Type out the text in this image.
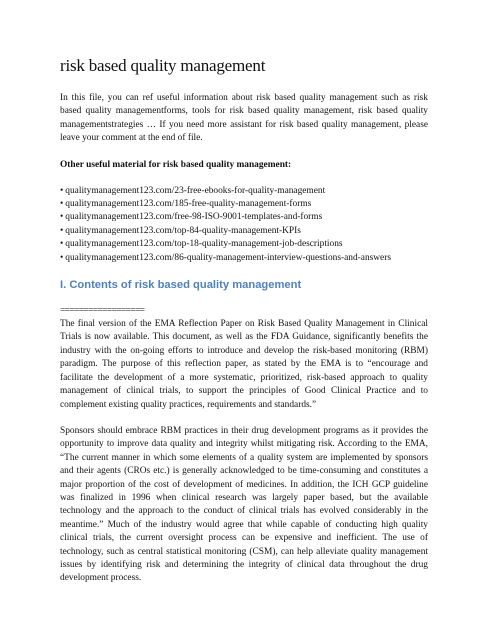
risk based quality management

In this file, you can ref useful information about risk based quality management such as risk based quality managementforms, tools for risk based quality management, risk based quality managementstrategies … If you need more assistant for risk based quality management, please leave your comment at the end of file.

Other useful material for risk based quality management:

• qualitymanagement123.com/23-free-ebooks-for-quality-management
• qualitymanagement123.com/185-free-quality-management-forms
• qualitymanagement123.com/free-98-ISO-9001-templates-and-forms
• qualitymanagement123.com/top-84-quality-management-KPIs
• qualitymanagement123.com/top-18-quality-management-job-descriptions
• qualitymanagement123.com/86-quality-management-interview-questions-and-answers
I. Contents of risk based quality management
==================

The final version of the EMA Reflection Paper on Risk Based Quality Management in Clinical Trials is now available. This document, as well as the FDA Guidance, significantly benefits the industry with the on-going efforts to introduce and develop the risk-based monitoring (RBM) paradigm. The purpose of this reflection paper, as stated by the EMA is to “encourage and facilitate the development of a more systematic, prioritized, risk-based approach to quality management of clinical trials, to support the principles of Good Clinical Practice and to complement existing quality practices, requirements and standards.”

Sponsors should embrace RBM practices in their drug development programs as it provides the opportunity to improve data quality and integrity whilst mitigating risk. According to the EMA, “The current manner in which some elements of a quality system are implemented by sponsors and their agents (CROs etc.) is generally acknowledged to be time-consuming and constitutes a major proportion of the cost of development of medicines. In addition, the ICH GCP guideline was finalized in 1996 when clinical research was largely paper based, but the available technology and the approach to the conduct of clinical trials has evolved considerably in the meantime.” Much of the industry would agree that while capable of conducting high quality clinical trials, the current oversight process can be expensive and inefficient. The use of technology, such as central statistical monitoring (CSM), can help alleviate quality management issues by identifying risk and determining the integrity of clinical data throughout the drug development process.
